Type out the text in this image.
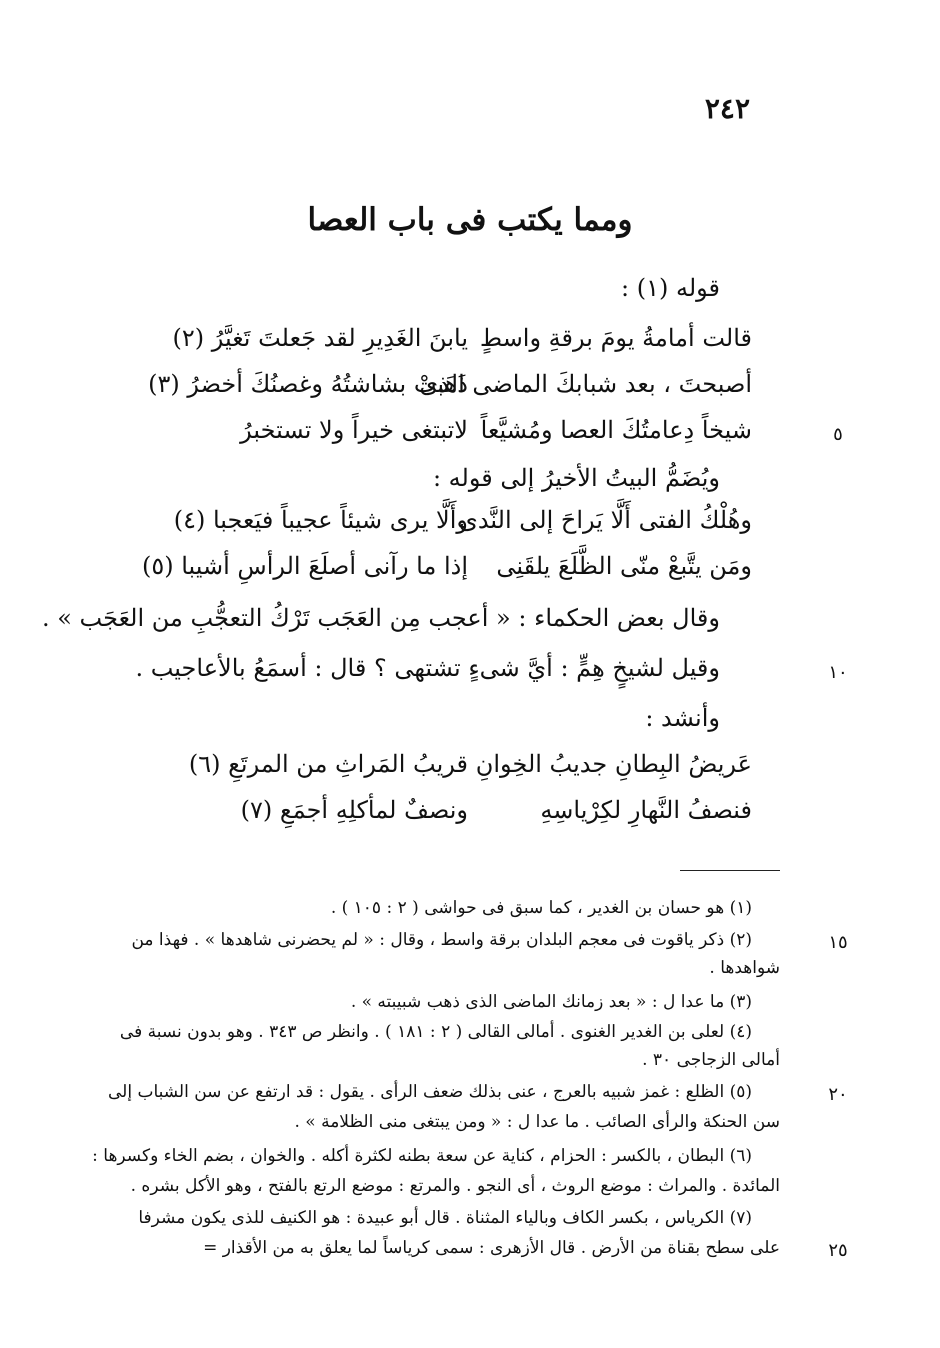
٢٤٢
ومما يكتب فى باب العصا
قوله (١) :
قالت أمامةُ يومَ برقةِ واسطٍ
يابنَ الغَدِيرِ لقد جَعلتَ تَغيَّرُ (٢)
أصبحتَ ، بعد شبابكَ الماضى الذى
ذَهَبتْ بشاشتُهُ وغصنُكَ أخضرُ (٣)
شيخاً دِعامتُكَ العصا ومُشيَّعاً
لاتبتغى خيراً ولا تستخبرُ	٥
ويُضَمُّ البيتُ الأخيرُ إلى قوله :
وهُلْكُ الفتى أَلَّا يَراحَ إلى النَّدى
وأَلَّا يرى شيئاً عجيباً فيَعجبا (٤)
ومَن يتَّبعْ منّى الظَّلَعَ يلقَنِى
إذا ما رآنى أصلَعَ الرأسِ أشيبا (٥)
وقال بعض الحكماء : « أعجب مِن العَجَب تَرْكُ التعجُّبِ من العَجَب » .
وقيل لشيخٍ هِمٍّ : أيَّ شىءٍ تشتهى ؟ قال : أسمَعُ بالأعاجيب .	١٠
وأنشد :
عَريضُ البِطانِ جديبُ الخِوانِ
قريبُ المَراثِ من المرتَعِ (٦)
فنصفُ النَّهارِ لكِرْياسِهِ
ونصفٌ لمأكلِهِ أجمَعِ (٧)
(١) هو حسان بن الغدير ، كما سبق فى حواشى ( ٢ : ١٠٥ ) .
(٢) ذكر ياقوت فى معجم البلدان برقة واسط ، وقال : « لم يحضرنى شاهدها » . فهذا من	١٥
شواهدها .
(٣) ما عدا ل : « بعد زمانك الماضى الذى ذهب شبيبته » .
(٤) لعلى بن الغدير الغنوى . أمالى القالى ( ٢ : ١٨١ ) . وانظر ص ٣٤٣ . وهو بدون نسبة فى
أمالى الزجاجى ٣٠ .
(٥) الظلع : غمز شبيه بالعرج ، عنى بذلك ضعف الرأى . يقول : قد ارتفع عن سن الشباب إلى	٢٠
سن الحنكة والرأى الصائب . ما عدا ل : « ومن يبتغى منى الظلامة » .
(٦) البطان ، بالكسر : الحزام ، كناية عن سعة بطنه لكثرة أكله . والخوان ، بضم الخاء وكسرها :
المائدة . والمراث : موضع الروث ، أى النجو . والمرتع : موضع الرتع بالفتح ، وهو الأكل بشره .
(٧) الكرياس ، بكسر الكاف وبالياء المثناة . قال أبو عبيدة : هو الكنيف للذى يكون مشرفا
على سطح بقناة من الأرض . قال الأزهرى : سمى كرياساً لما يعلق به من الأقذار =	٢٥
